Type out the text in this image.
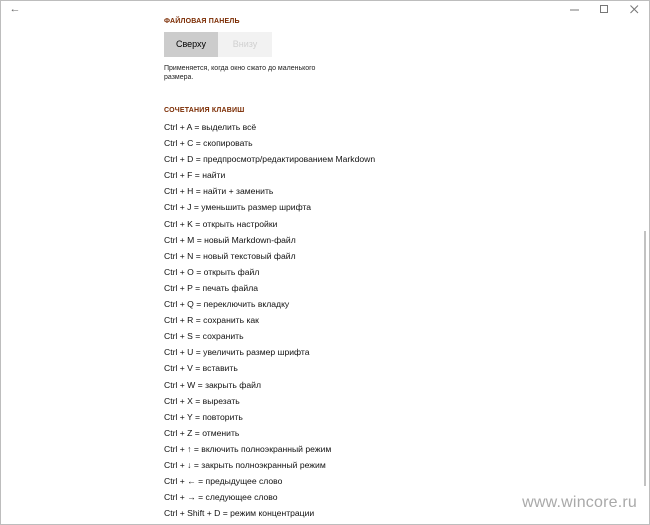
←
ФАЙЛОВАЯ ПАНЕЛЬ
Сверху	Внизу
Применяется, когда окно сжато до маленького размера.
СОЧЕТАНИЯ КЛАВИШ
Ctrl + A = выделить всё
Ctrl + C = скопировать
Ctrl + D = предпросмотр/редактированием Markdown
Ctrl + F = найти
Ctrl + H = найти + заменить
Ctrl + J = уменьшить размер шрифта
Ctrl + K = открыть настройки
Ctrl + M = новый Markdown-файл
Ctrl + N = новый текстовый файл
Ctrl + O = открыть файл
Ctrl + P = печать файла
Ctrl + Q = переключить вкладку
Ctrl + R = сохранить как
Ctrl + S = сохранить
Ctrl + U = увеличить размер шрифта
Ctrl + V = вставить
Ctrl + W = закрыть файл
Ctrl + X = вырезать
Ctrl + Y = повторить
Ctrl + Z = отменить
Ctrl + ↑ = включить полноэкранный режим
Ctrl + ↓ = закрыть полноэкранный режим
Ctrl + ← = предыдущее слово
Ctrl + → = следующее слово
Ctrl + Shift + D = режим концентрации
www.wincore.ru
